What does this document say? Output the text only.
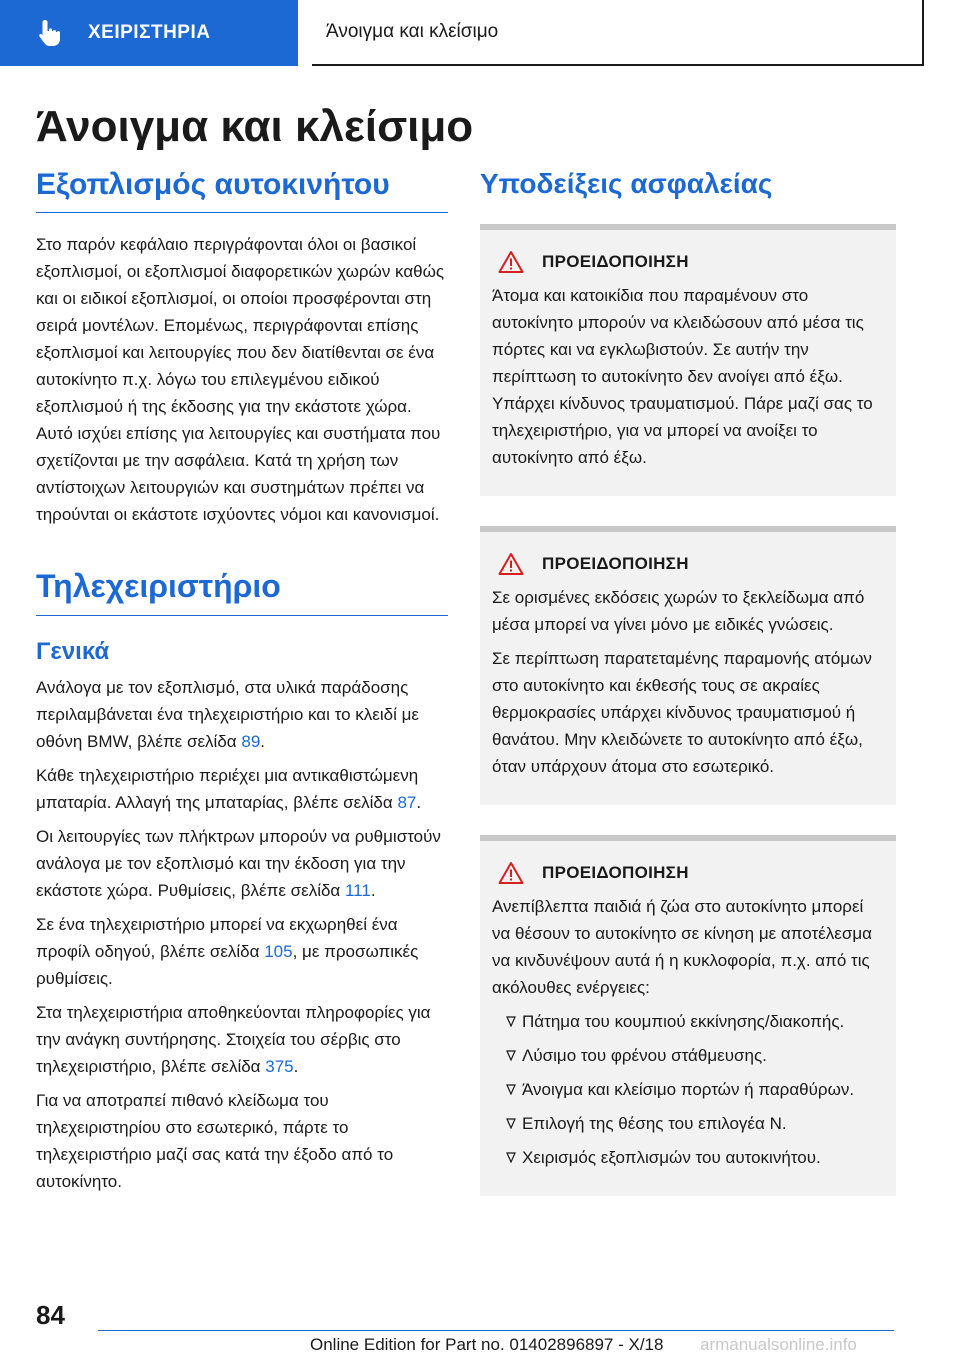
ΧΕΙΡΙΣΤΗΡΙΑ	Άνοιγμα και κλείσιμο
Άνοιγμα και κλείσιμο
Εξοπλισμός αυτοκινήτου

Στο παρόν κεφάλαιο περιγράφονται όλοι οι βασικοί εξοπλισμοί, οι εξοπλισμοί διαφορετικών χωρών καθώς και οι ειδικοί εξοπλισμοί, οι οποίοι προσφέρονται στη σειρά μοντέλων. Επομένως, περιγράφονται επίσης εξοπλισμοί και λειτουργίες που δεν διατίθενται σε ένα αυτοκίνητο π.χ. λόγω του επιλεγμένου ειδικού εξοπλισμού ή της έκδοσης για την εκάστοτε χώρα. Αυτό ισχύει επίσης για λειτουργίες και συστήματα που σχετίζονται με την ασφάλεια. Κατά τη χρήση των αντίστοιχων λειτουργιών και συστημάτων πρέπει να τηρούνται οι εκάστοτε ισχύοντες νόμοι και κανονισμοί.

Τηλεχειριστήριο
Γενικά

Ανάλογα με τον εξοπλισμό, στα υλικά παράδοσης περιλαμβάνεται ένα τηλεχειριστήριο και το κλειδί με οθόνη BMW, βλέπε σελίδα 89.

Κάθε τηλεχειριστήριο περιέχει μια αντικαθιστώμενη μπαταρία. Αλλαγή της μπαταρίας, βλέπε σελίδα 87.

Οι λειτουργίες των πλήκτρων μπορούν να ρυθμιστούν ανάλογα με τον εξοπλισμό και την έκδοση για την εκάστοτε χώρα. Ρυθμίσεις, βλέπε σελίδα 111.

Σε ένα τηλεχειριστήριο μπορεί να εκχωρηθεί ένα προφίλ οδηγού, βλέπε σελίδα 105, με προσωπικές ρυθμίσεις.

Στα τηλεχειριστήρια αποθηκεύονται πληροφορίες για την ανάγκη συντήρησης. Στοιχεία του σέρβις στο τηλεχειριστήριο, βλέπε σελίδα 375.

Για να αποτραπεί πιθανό κλείδωμα του τηλεχειριστηρίου στο εσωτερικό, πάρτε το τηλεχειριστήριο μαζί σας κατά την έξοδο από το αυτοκίνητο.

Υποδείξεις ασφαλείας
ΠΡΟΕΙΔΟΠΟΙΗΣΗ

Άτομα και κατοικίδια που παραμένουν στο αυτοκίνητο μπορούν να κλειδώσουν από μέσα τις πόρτες και να εγκλωβιστούν. Σε αυτήν την περίπτωση το αυτοκίνητο δεν ανοίγει από έξω. Υπάρχει κίνδυνος τραυματισμού. Πάρε μαζί σας το τηλεχειριστήριο, για να μπορεί να ανοίξει το αυτοκίνητο από έξω.

ΠΡΟΕΙΔΟΠΟΙΗΣΗ

Σε ορισμένες εκδόσεις χωρών το ξεκλείδωμα από μέσα μπορεί να γίνει μόνο με ειδικές γνώσεις.

Σε περίπτωση παρατεταμένης παραμονής ατόμων στο αυτοκίνητο και έκθεσής τους σε ακραίες θερμοκρασίες υπάρχει κίνδυνος τραυματισμού ή θανάτου. Μην κλειδώνετε το αυτοκίνητο από έξω, όταν υπάρχουν άτομα στο εσωτερικό.

ΠΡΟΕΙΔΟΠΟΙΗΣΗ

Ανεπίβλεπτα παιδιά ή ζώα στο αυτοκίνητο μπορεί να θέσουν το αυτοκίνητο σε κίνηση με αποτέλεσμα να κινδυνέψουν αυτά ή η κυκλοφορία, π.χ. από τις ακόλουθες ενέργειες:

Πάτημα του κουμπιού εκκίνησης/διακοπής.
Λύσιμο του φρένου στάθμευσης.
Άνοιγμα και κλείσιμο πορτών ή παραθύρων.
Επιλογή της θέσης του επιλογέα N.
Χειρισμός εξοπλισμών του αυτοκινήτου.
84
Online Edition for Part no. 01402896897 - X/18 armanualsonline.info
